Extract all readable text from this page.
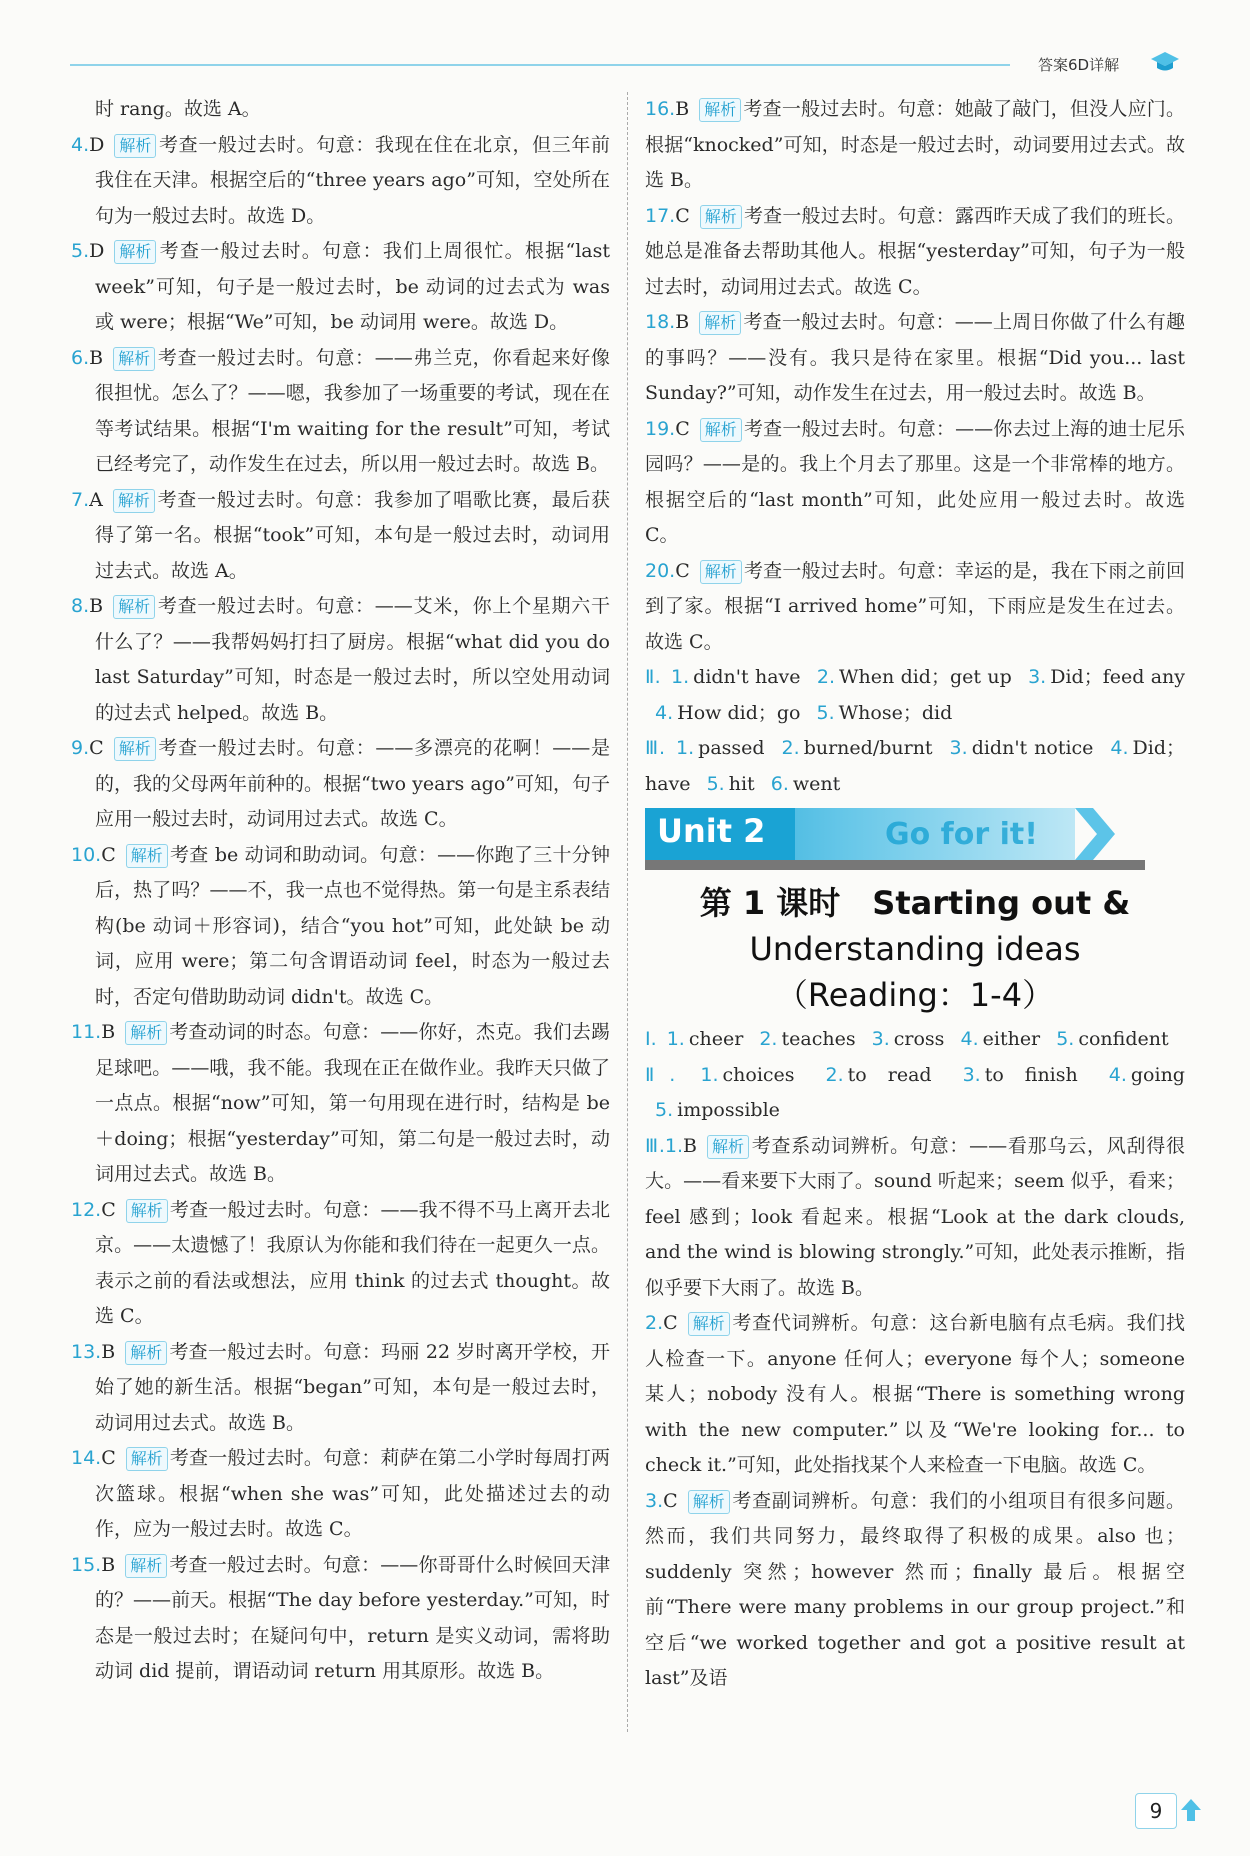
答案6D详解
时 rang。故选 A。
4.D 解析 考查一般过去时。句意：我现在住在北京，但三年前我住在天津。根据空后的“three years ago”可知，空处所在句为一般过去时。故选 D。
5.D 解析 考查一般过去时。句意：我们上周很忙。根据“last week”可知，句子是一般过去时，be 动词的过去式为 was 或 were；根据“We”可知，be 动词用 were。故选 D。
6.B 解析 考查一般过去时。句意：——弗兰克，你看起来好像很担忧。怎么了？——嗯，我参加了一场重要的考试，现在在等考试结果。根据“I'm waiting for the result”可知，考试已经考完了，动作发生在过去，所以用一般过去时。故选 B。
7.A 解析 考查一般过去时。句意：我参加了唱歌比赛，最后获得了第一名。根据“took”可知，本句是一般过去时，动词用过去式。故选 A。
8.B 解析 考查一般过去时。句意：——艾米，你上个星期六干什么了？——我帮妈妈打扫了厨房。根据“what did you do last Saturday”可知，时态是一般过去时，所以空处用动词的过去式 helped。故选 B。
9.C 解析 考查一般过去时。句意：——多漂亮的花啊！——是的，我的父母两年前种的。根据“two years ago”可知，句子应用一般过去时，动词用过去式。故选 C。
10.C 解析 考查 be 动词和助动词。句意：——你跑了三十分钟后，热了吗？——不，我一点也不觉得热。第一句是主系表结构(be 动词＋形容词)，结合“you hot”可知，此处缺 be 动词，应用 were；第二句含谓语动词 feel，时态为一般过去时，否定句借助助动词 didn't。故选 C。
11.B 解析 考查动词的时态。句意：——你好，杰克。我们去踢足球吧。——哦，我不能。我现在正在做作业。我昨天只做了一点点。根据“now”可知，第一句用现在进行时，结构是 be＋doing；根据“yesterday”可知，第二句是一般过去时，动词用过去式。故选 B。
12.C 解析 考查一般过去时。句意：——我不得不马上离开去北京。——太遗憾了！我原认为你能和我们待在一起更久一点。表示之前的看法或想法，应用 think 的过去式 thought。故选 C。
13.B 解析 考查一般过去时。句意：玛丽 22 岁时离开学校，开始了她的新生活。根据“began”可知，本句是一般过去时，动词用过去式。故选 B。
14.C 解析 考查一般过去时。句意：莉萨在第二小学时每周打两次篮球。根据“when she was”可知，此处描述过去的动作，应为一般过去时。故选 C。
15.B 解析 考查一般过去时。句意：——你哥哥什么时候回天津的？——前天。根据“The day before yesterday.”可知，时态是一般过去时；在疑问句中，return 是实义动词，需将助动词 did 提前，谓语动词 return 用其原形。故选 B。
16.B 解析 考查一般过去时。句意：她敲了敲门，但没人应门。根据“knocked”可知，时态是一般过去时，动词要用过去式。故选 B。
17.C 解析 考查一般过去时。句意：露西昨天成了我们的班长。她总是准备去帮助其他人。根据“yesterday”可知，句子为一般过去时，动词用过去式。故选 C。
18.B 解析 考查一般过去时。句意：——上周日你做了什么有趣的事吗？——没有。我只是待在家里。根据“Did you... last Sunday?”可知，动作发生在过去，用一般过去时。故选 B。
19.C 解析 考查一般过去时。句意：——你去过上海的迪士尼乐园吗？——是的。我上个月去了那里。这是一个非常棒的地方。根据空后的“last month”可知，此处应用一般过去时。故选 C。
20.C 解析 考查一般过去时。句意：幸运的是，我在下雨之前回到了家。根据“I arrived home”可知，下雨应是发生在过去。故选 C。
Ⅱ. 1. didn't have 2. When did；get up 3. Did；feed any 4. How did；go 5. Whose；did
Ⅲ. 1. passed 2. burned/burnt 3. didn't notice 4. Did；have 5. hit 6. went
Unit 2	Go for it!
第 1 课时　Starting out &
Understanding ideas
（Reading：1-4）
Ⅰ. 1. cheer 2. teaches 3. cross 4. either 5. confident
Ⅱ. 1. choices 2. to read 3. to finish 4. going 5. impossible
Ⅲ.1.B 解析 考查系动词辨析。句意：——看那乌云，风刮得很大。——看来要下大雨了。sound 听起来；seem 似乎，看来；feel 感到；look 看起来。根据“Look at the dark clouds, and the wind is blowing strongly.”可知，此处表示推断，指似乎要下大雨了。故选 B。
2.C 解析 考查代词辨析。句意：这台新电脑有点毛病。我们找人检查一下。anyone 任何人；everyone 每个人；someone 某人；nobody 没有人。根据“There is something wrong with the new computer.”以及“We're looking for... to check it.”可知，此处指找某个人来检查一下电脑。故选 C。
3.C 解析 考查副词辨析。句意：我们的小组项目有很多问题。然而，我们共同努力，最终取得了积极的成果。also 也；suddenly 突然；however 然而；finally 最后。根据空前“There were many problems in our group project.”和空后“we worked together and got a positive result at last”及语
9
